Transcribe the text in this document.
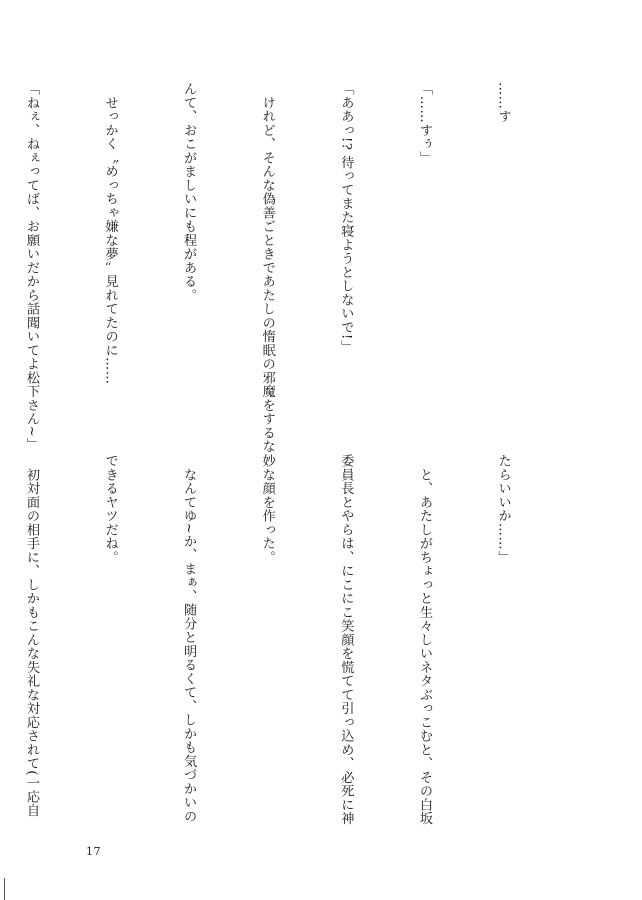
……す

「……すぅ」

「ああっ!? 待ってまた寝ようとしないで!」

　けれど、そんな偽善ごときであたしの惰眠の邪魔をするな

んて、おこがましいにも程がある。

　せっかく〝めっちゃ嫌な夢〟見れてたのに……

「ねぇ、ねぇってば、お願いだから話聞いてよ松下さん~」

たらいいか……」

　と、あたしがちょっと生々しいネタぶっこむと、その白坂

委員長とやらは、にこにこ笑顔を慌てて引っ込め、必死に神

妙な顔を作った。

　なんてゆ~か、まぁ、随分と明るくて、しかも気づかいの

できるヤツだね。

　初対面の相手に、しかもこんな失礼な対応されて(一応自

17
